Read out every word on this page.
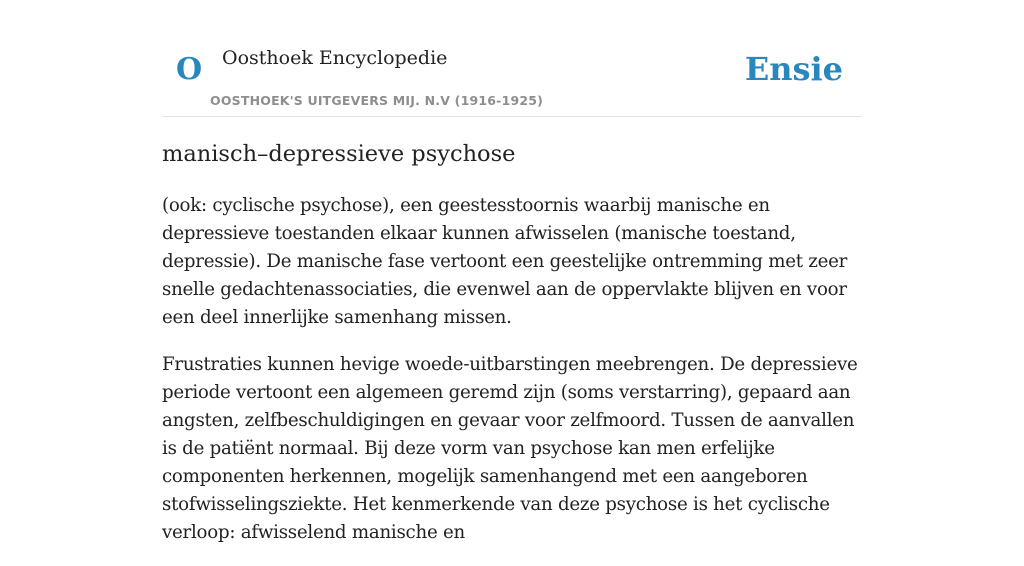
O Oosthoek Encyclopedie
OOSTHOEK'S UITGEVERS MIJ. N.V (1916-1925)
Ensie
manisch–depressieve psychose

(ook: cyclische psychose), een geestesstoornis waarbij manische en depressieve toestanden elkaar kunnen afwisselen (manische toestand, depressie). De manische fase vertoont een geestelijke ontremming met zeer snelle gedachtenassociaties, die evenwel aan de oppervlakte blijven en voor een deel innerlijke samenhang missen.

Frustraties kunnen hevige woede-uitbarstingen meebrengen. De depressieve periode vertoont een algemeen geremd zijn (soms verstarring), gepaard aan angsten, zelfbeschuldigingen en gevaar voor zelfmoord. Tussen de aanvallen is de patiënt normaal. Bij deze vorm van psychose kan men erfelijke componenten herkennen, mogelijk samenhangend met een aangeboren stofwisselingsziekte. Het kenmerkende van deze psychose is het cyclische verloop: afwisselend manische en
